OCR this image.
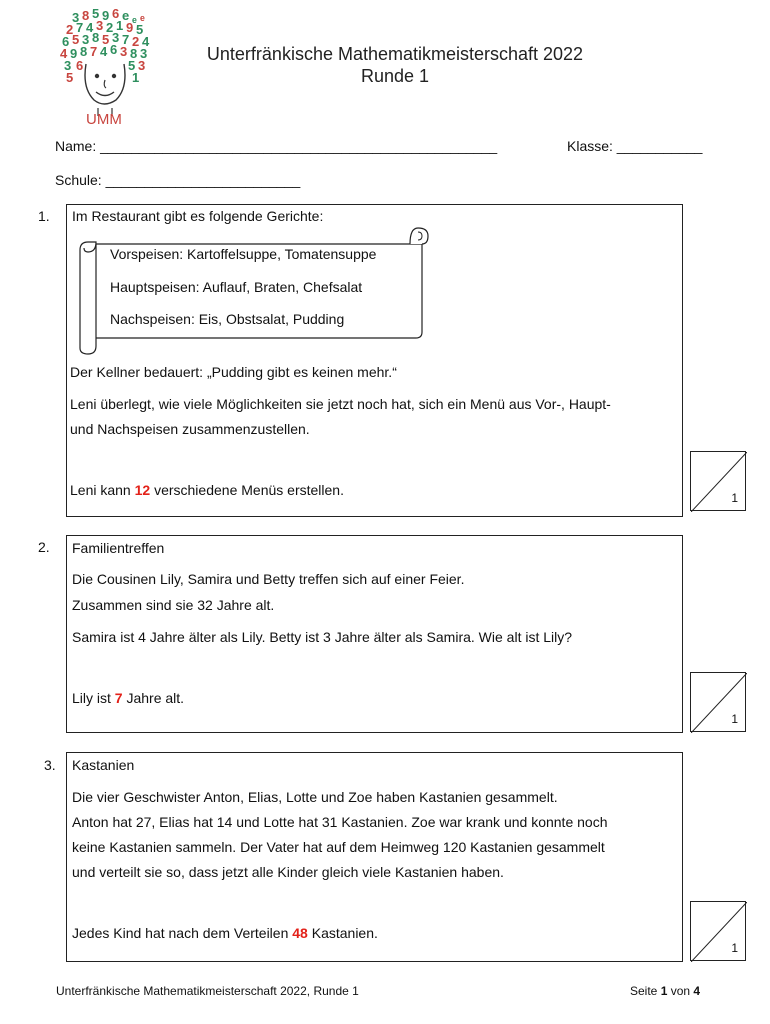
3 8 5 9 6 e ₑ ᵉ
2 7 4 3 2 1 9 5
6 5 3 8 5 3 7 2 4
4 9 8 7 4 6 3 8 3
3 6	5 3
5	1
UMM
Unterfränkische Mathematikmeisterschaft 2022
Runde 1
Name: ___________________________________________________	Klasse: ___________
Schule: _________________________
1. Im Restaurant gibt es folgende Gerichte:
Vorspeisen: Kartoffelsuppe, Tomatensuppe
Hauptspeisen: Auflauf, Braten, Chefsalat
Nachspeisen: Eis, Obstsalat, Pudding
Der Kellner bedauert: „Pudding gibt es keinen mehr.“
Leni überlegt, wie viele Möglichkeiten sie jetzt noch hat, sich ein Menü aus Vor-, Haupt-
und Nachspeisen zusammenzustellen.
Leni kann 12 verschiedene Menüs erstellen.	1
2. Familientreffen
Die Cousinen Lily, Samira und Betty treffen sich auf einer Feier.
Zusammen sind sie 32 Jahre alt.
Samira ist 4 Jahre älter als Lily. Betty ist 3 Jahre älter als Samira. Wie alt ist Lily?
Lily ist 7 Jahre alt.
1
3. Kastanien
Die vier Geschwister Anton, Elias, Lotte und Zoe haben Kastanien gesammelt.
Anton hat 27, Elias hat 14 und Lotte hat 31 Kastanien. Zoe war krank und konnte noch
keine Kastanien sammeln. Der Vater hat auf dem Heimweg 120 Kastanien gesammelt
und verteilt sie so, dass jetzt alle Kinder gleich viele Kastanien haben.
Jedes Kind hat nach dem Verteilen 48 Kastanien.
1
Unterfränkische Mathematikmeisterschaft 2022, Runde 1	Seite 1 von 4
